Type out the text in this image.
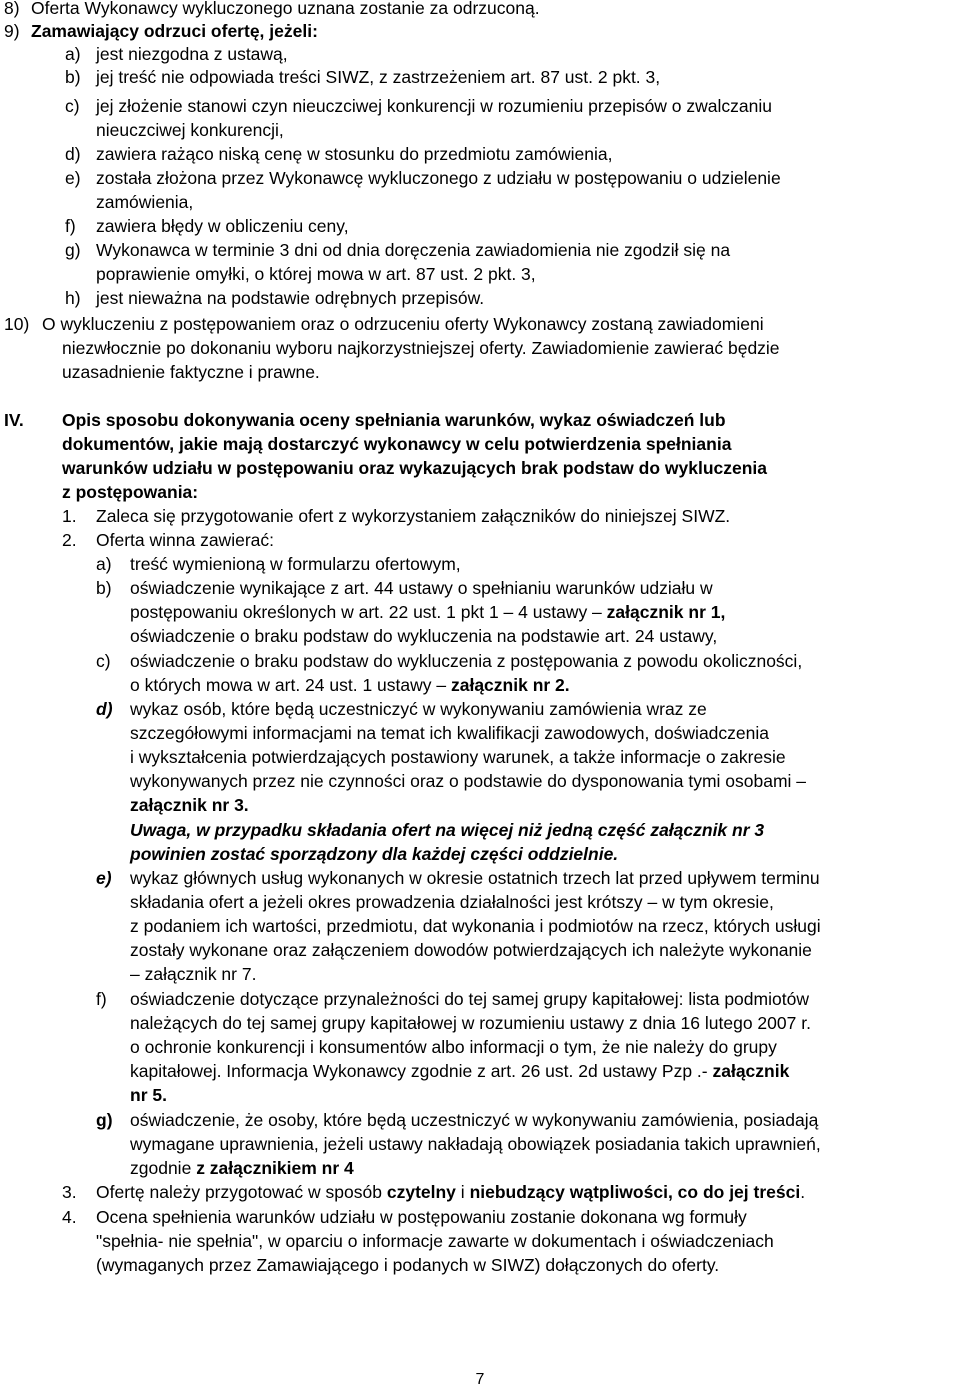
8) Oferta Wykonawcy wykluczonego uznana zostanie za odrzuconą.
9) Zamawiający odrzuci ofertę, jeżeli:
a) jest niezgodna z ustawą,
b) jej treść nie odpowiada treści SIWZ, z zastrzeżeniem art. 87 ust. 2 pkt. 3,
c) jej złożenie stanowi czyn nieuczciwej konkurencji w rozumieniu przepisów o zwalczaniu
nieuczciwej konkurencji,
d) zawiera rażąco niską cenę w stosunku do przedmiotu zamówienia,
e) została złożona przez Wykonawcę wykluczonego z udziału w postępowaniu o udzielenie
zamówienia,
f) zawiera błędy w obliczeniu ceny,
g) Wykonawca w terminie 3 dni od dnia doręczenia zawiadomienia nie zgodził się na
poprawienie omyłki, o której mowa w art. 87 ust. 2 pkt. 3,
h) jest nieważna na podstawie odrębnych przepisów.
10) O wykluczeniu z postępowaniem oraz o odrzuceniu oferty Wykonawcy zostaną zawiadomieni
niezwłocznie po dokonaniu wyboru najkorzystniejszej oferty. Zawiadomienie zawierać będzie
uzasadnienie faktyczne i prawne.
IV. Opis sposobu dokonywania oceny spełniania warunków, wykaz oświadczeń lub
dokumentów, jakie mają dostarczyć wykonawcy w celu potwierdzenia spełniania
warunków udziału w postępowaniu oraz wykazujących brak podstaw do wykluczenia
z postępowania:
1. Zaleca się przygotowanie ofert z wykorzystaniem załączników do niniejszej SIWZ.
2. Oferta winna zawierać:
a) treść wymienioną w formularzu ofertowym,
b) oświadczenie wynikające z art. 44 ustawy o spełnianiu warunków udziału w
postępowaniu określonych w art. 22 ust. 1 pkt 1 – 4 ustawy – załącznik nr 1,
oświadczenie o braku podstaw do wykluczenia na podstawie art. 24 ustawy,
c) oświadczenie o braku podstaw do wykluczenia z postępowania z powodu okoliczności,
o których mowa w art. 24 ust. 1 ustawy – załącznik nr 2.
d) wykaz osób, które będą uczestniczyć w wykonywaniu zamówienia wraz ze
szczegółowymi informacjami na temat ich kwalifikacji zawodowych, doświadczenia
i wykształcenia potwierdzających postawiony warunek, a także informacje o zakresie
wykonywanych przez nie czynności oraz o podstawie do dysponowania tymi osobami –
załącznik nr 3.
Uwaga, w przypadku składania ofert na więcej niż jedną część załącznik nr 3
powinien zostać sporządzony dla każdej części oddzielnie.
e) wykaz głównych usług wykonanych w okresie ostatnich trzech lat przed upływem terminu
składania ofert a jeżeli okres prowadzenia działalności jest krótszy – w tym okresie,
z podaniem ich wartości, przedmiotu, dat wykonania i podmiotów na rzecz, których usługi
zostały wykonane oraz załączeniem dowodów potwierdzających ich należyte wykonanie
– załącznik nr 7.
f) oświadczenie dotyczące przynależności do tej samej grupy kapitałowej: lista podmiotów
należących do tej samej grupy kapitałowej w rozumieniu ustawy z dnia 16 lutego 2007 r.
o ochronie konkurencji i konsumentów albo informacji o tym, że nie należy do grupy
kapitałowej. Informacja Wykonawcy zgodnie z art. 26 ust. 2d ustawy Pzp .- załącznik
nr 5.
g) oświadczenie, że osoby, które będą uczestniczyć w wykonywaniu zamówienia, posiadają
wymagane uprawnienia, jeżeli ustawy nakładają obowiązek posiadania takich uprawnień,
zgodnie z załącznikiem nr 4
3. Ofertę należy przygotować w sposób czytelny i niebudzący wątpliwości, co do jej treści.
4. Ocena spełnienia warunków udziału w postępowaniu zostanie dokonana wg formuły
"spełnia- nie spełnia", w oparciu o informacje zawarte w dokumentach i oświadczeniach
(wymaganych przez Zamawiającego i podanych w SIWZ) dołączonych do oferty.
7
